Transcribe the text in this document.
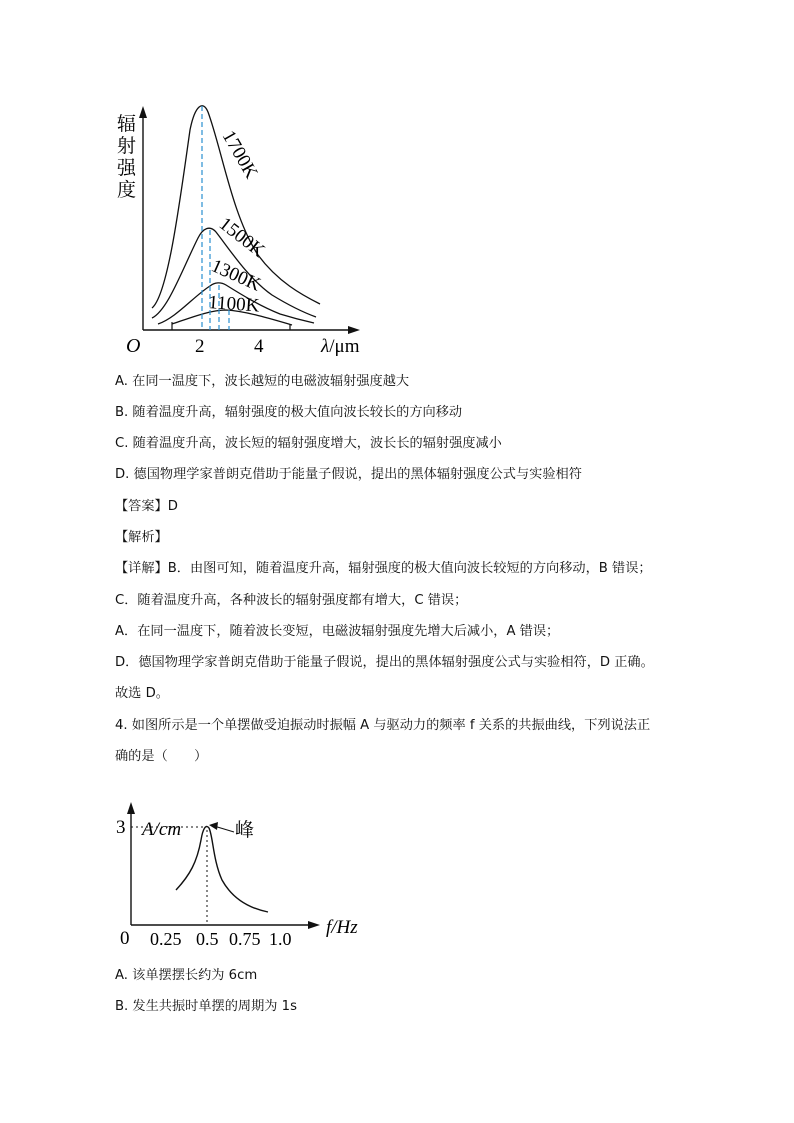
辐
射
强
度
O	2	4	λ/μm
1700K
1500K
1300K
1100K
A. 在同一温度下，波长越短的电磁波辐射强度越大
B. 随着温度升高，辐射强度的极大值向波长较长的方向移动
C. 随着温度升高，波长短的辐射强度增大，波长长的辐射强度减小
D. 德国物理学家普朗克借助于能量子假说，提出的黑体辐射强度公式与实验相符
【答案】D
【解析】
【详解】B．由图可知，随着温度升高，辐射强度的极大值向波长较短的方向移动，B 错误；
C．随着温度升高，各种波长的辐射强度都有增大，C 错误；
A．在同一温度下，随着波长变短，电磁波辐射强度先增大后减小，A 错误；
D．德国物理学家普朗克借助于能量子假说，提出的黑体辐射强度公式与实验相符，D 正确。
故选 D。
4. 如图所示是一个单摆做受迫振动时振幅 A 与驱动力的频率 f 关系的共振曲线，下列说法正
确的是（　　）
A/cm
3
0 0.25 0.5 0.75 1.0
f/Hz
峰
A. 该单摆摆长约为 6cm
B. 发生共振时单摆的周期为 1s
